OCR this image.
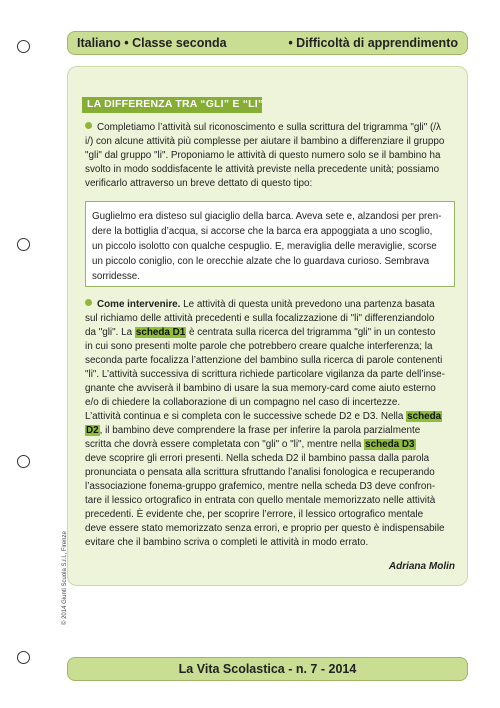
Italiano • Classe seconda	• Difficoltà di apprendimento
LA DIFFERENZA TRA “GLI” E “LI”
Completiamo l’attività sul riconoscimento e sulla scrittura del trigramma "gli" (/λ
i/) con alcune attività più complesse per aiutare il bambino a differenziare il gruppo
"gli" dal gruppo "li". Proponiamo le attività di questo numero solo se il bambino ha
svolto in modo soddisfacente le attività previste nella precedente unità; possiamo
verificarlo attraverso un breve dettato di questo tipo:
Guglielmo era disteso sul giaciglio della barca. Aveva sete e, alzandosi per pren-
dere la bottiglia d’acqua, si accorse che la barca era appoggiata a uno scoglio,
un piccolo isolotto con qualche cespuglio. E, meraviglia delle meraviglie, scorse
un piccolo coniglio, con le orecchie alzate che lo guardava curioso. Sembrava
sorridesse.
Come intervenire. Le attività di questa unità prevedono una partenza basata
sul richiamo delle attività precedenti e sulla focalizzazione di "li" differenziandolo
da "gli". La scheda D1 è centrata sulla ricerca del trigramma "gli" in un contesto
in cui sono presenti molte parole che potrebbero creare qualche interferenza; la
seconda parte focalizza l’attenzione del bambino sulla ricerca di parole contenenti
"li". L’attività successiva di scrittura richiede particolare vigilanza da parte dell’inse-
gnante che avviserà il bambino di usare la sua memory-card come aiuto esterno
e/o di chiedere la collaborazione di un compagno nel caso di incertezze.
L’attività continua e si completa con le successive schede D2 e D3. Nella scheda
D2, il bambino deve comprendere la frase per inferire la parola parzialmente
scritta che dovrà essere completata con "gli" o "li", mentre nella scheda D3
deve scoprire gli errori presenti. Nella scheda D2 il bambino passa dalla parola
pronunciata o pensata alla scrittura sfruttando l’analisi fonologica e recuperando
l’associazione fonema-gruppo grafemico, mentre nella scheda D3 deve confron-
tare il lessico ortografico in entrata con quello mentale memorizzato nelle attività
precedenti. È evidente che, per scoprire l’errore, il lessico ortografico mentale
deve essere stato memorizzato senza errori, e proprio per questo è indispensabile
evitare che il bambino scriva o completi le attività in modo errato.
Adriana Molin
© 2014 Giunti Scuola S.r.l., Firenze
La Vita Scolastica - n. 7 - 2014
